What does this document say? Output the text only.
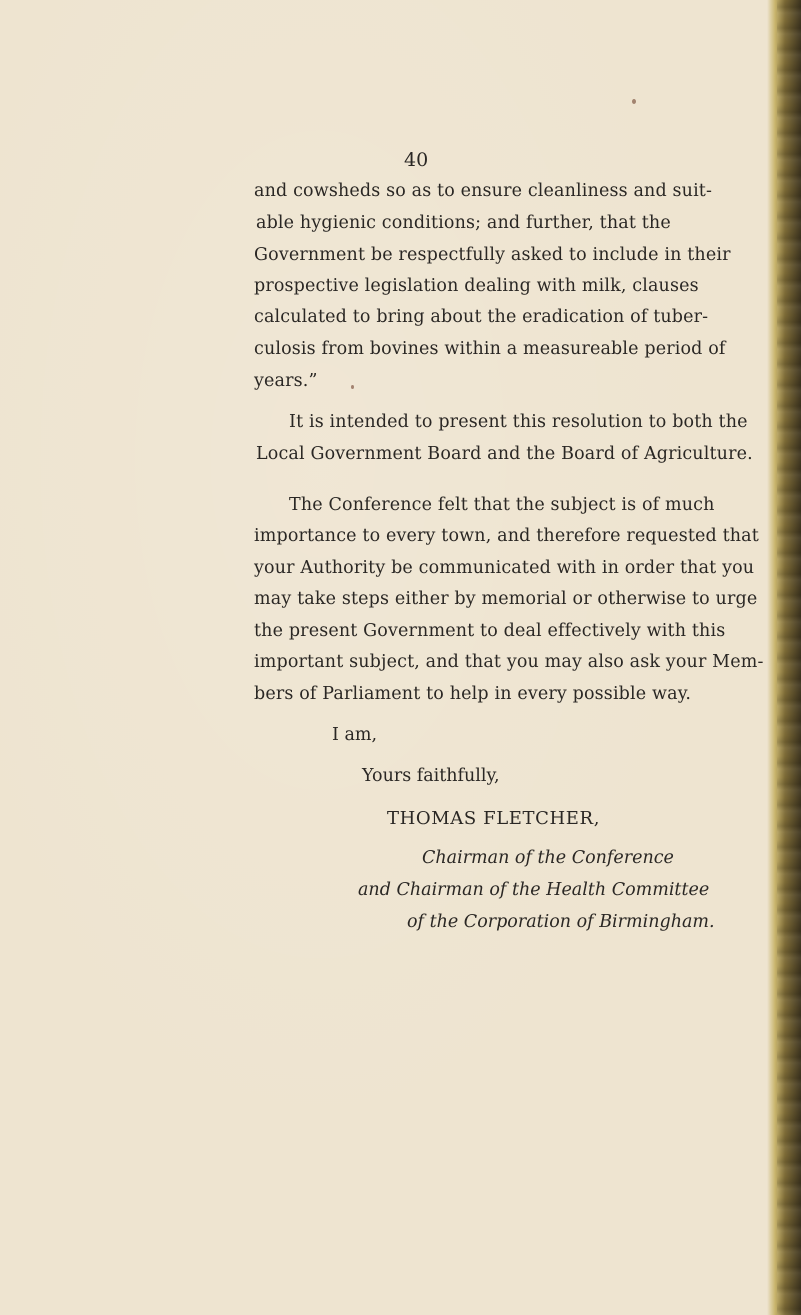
40

and cowsheds so as to ensure cleanliness and suit-

able hygienic conditions; and further, that the

Government be respectfully asked to include in their

prospective legislation dealing with milk, clauses

calculated to bring about the eradication of tuber-

culosis from bovines within a measureable period of

years.”

It is intended to present this resolution to both the

Local Government Board and the Board of Agriculture.

The Conference felt that the subject is of much

importance to every town, and therefore requested that

your Authority be communicated with in order that you

may take steps either by memorial or otherwise to urge

the present Government to deal effectively with this

important subject, and that you may also ask your Mem-

bers of Parliament to help in every possible way.

I am,
Yours faithfully,
THOMAS FLETCHER,
Chairman of the Conference
and Chairman of the Health Committee
of the Corporation of Birmingham.
